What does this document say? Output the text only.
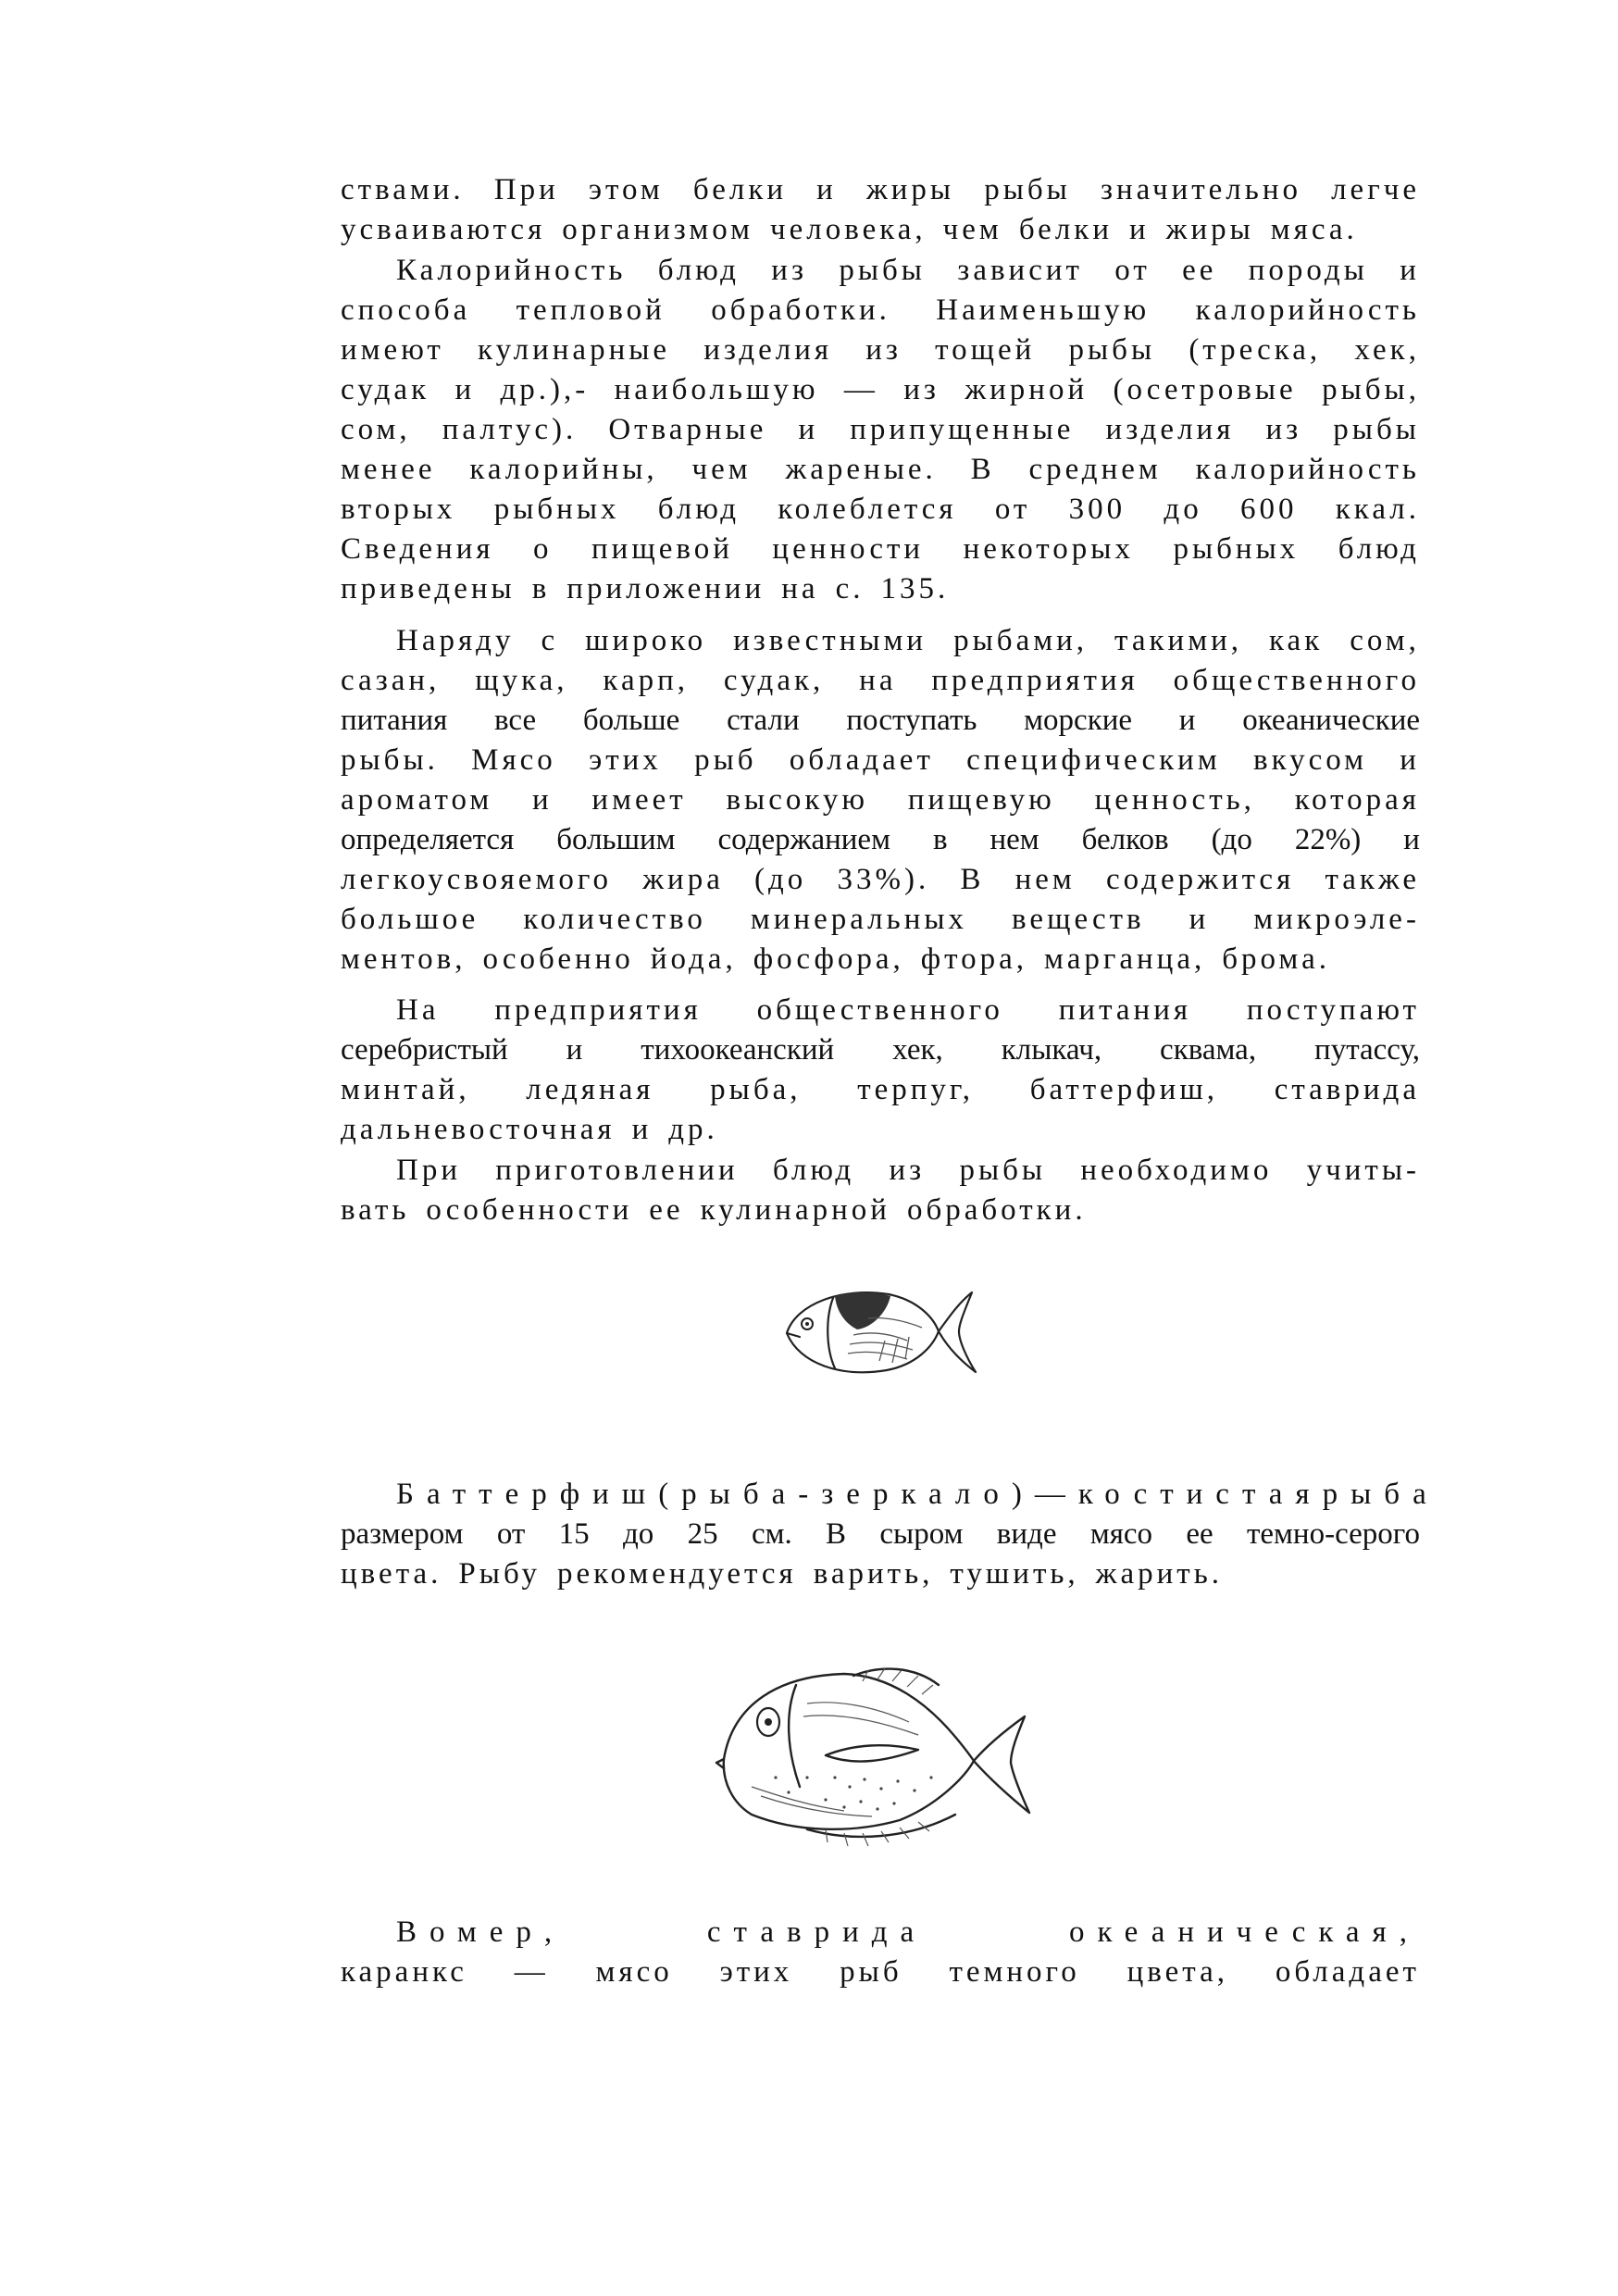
ствами. При этом белки и жиры рыбы значительно легче
усваиваются организмом человека, чем белки и жиры мяса.
Калорийность блюд из рыбы зависит от ее породы и
способа тепловой обработки. Наименьшую калорийность
имеют кулинарные изделия из тощей рыбы (треска, хек,
судак и др.),- наибольшую — из жирной (осетровые рыбы,
сом, палтус). Отварные и припущенные изделия из рыбы
менее калорийны, чем жареные. В среднем калорийность
вторых рыбных блюд колеблется от 300 до 600 ккал.
Сведения о пищевой ценности некоторых рыбных блюд
приведены в приложении на с. 135.
Наряду с широко известными рыбами, такими, как сом,
сазан, щука, карп, судак, на предприятия общественного
питания все больше стали поступать морские и океанические
рыбы. Мясо этих рыб обладает специфическим вкусом и
ароматом и имеет высокую пищевую ценность, которая
определяется большим содержанием в нем белков (до 22%) и
легкоусвояемого жира (до 33%). В нем содержится также
большое количество минеральных веществ и микроэле-
ментов, особенно йода, фосфора, фтора, марганца, брома.
На предприятия общественного питания поступают
серебристый и тихоокеанский хек, клыкач, сквама, путассу,
минтай, ледяная рыба, терпуг, баттерфиш, ставрида
дальневосточная и др.
При приготовлении блюд из рыбы необходимо учиты-
вать особенности ее кулинарной обработки.
Баттерфиш (рыба-зеркало) — костистая рыба
размером от 15 до 25 см. В сыром виде мясо ее темно-серого
цвета. Рыбу рекомендуется варить, тушить, жарить.
Вомер,	ставрида	океаническая,
каранкс — мясо этих рыб темного цвета, обладает
